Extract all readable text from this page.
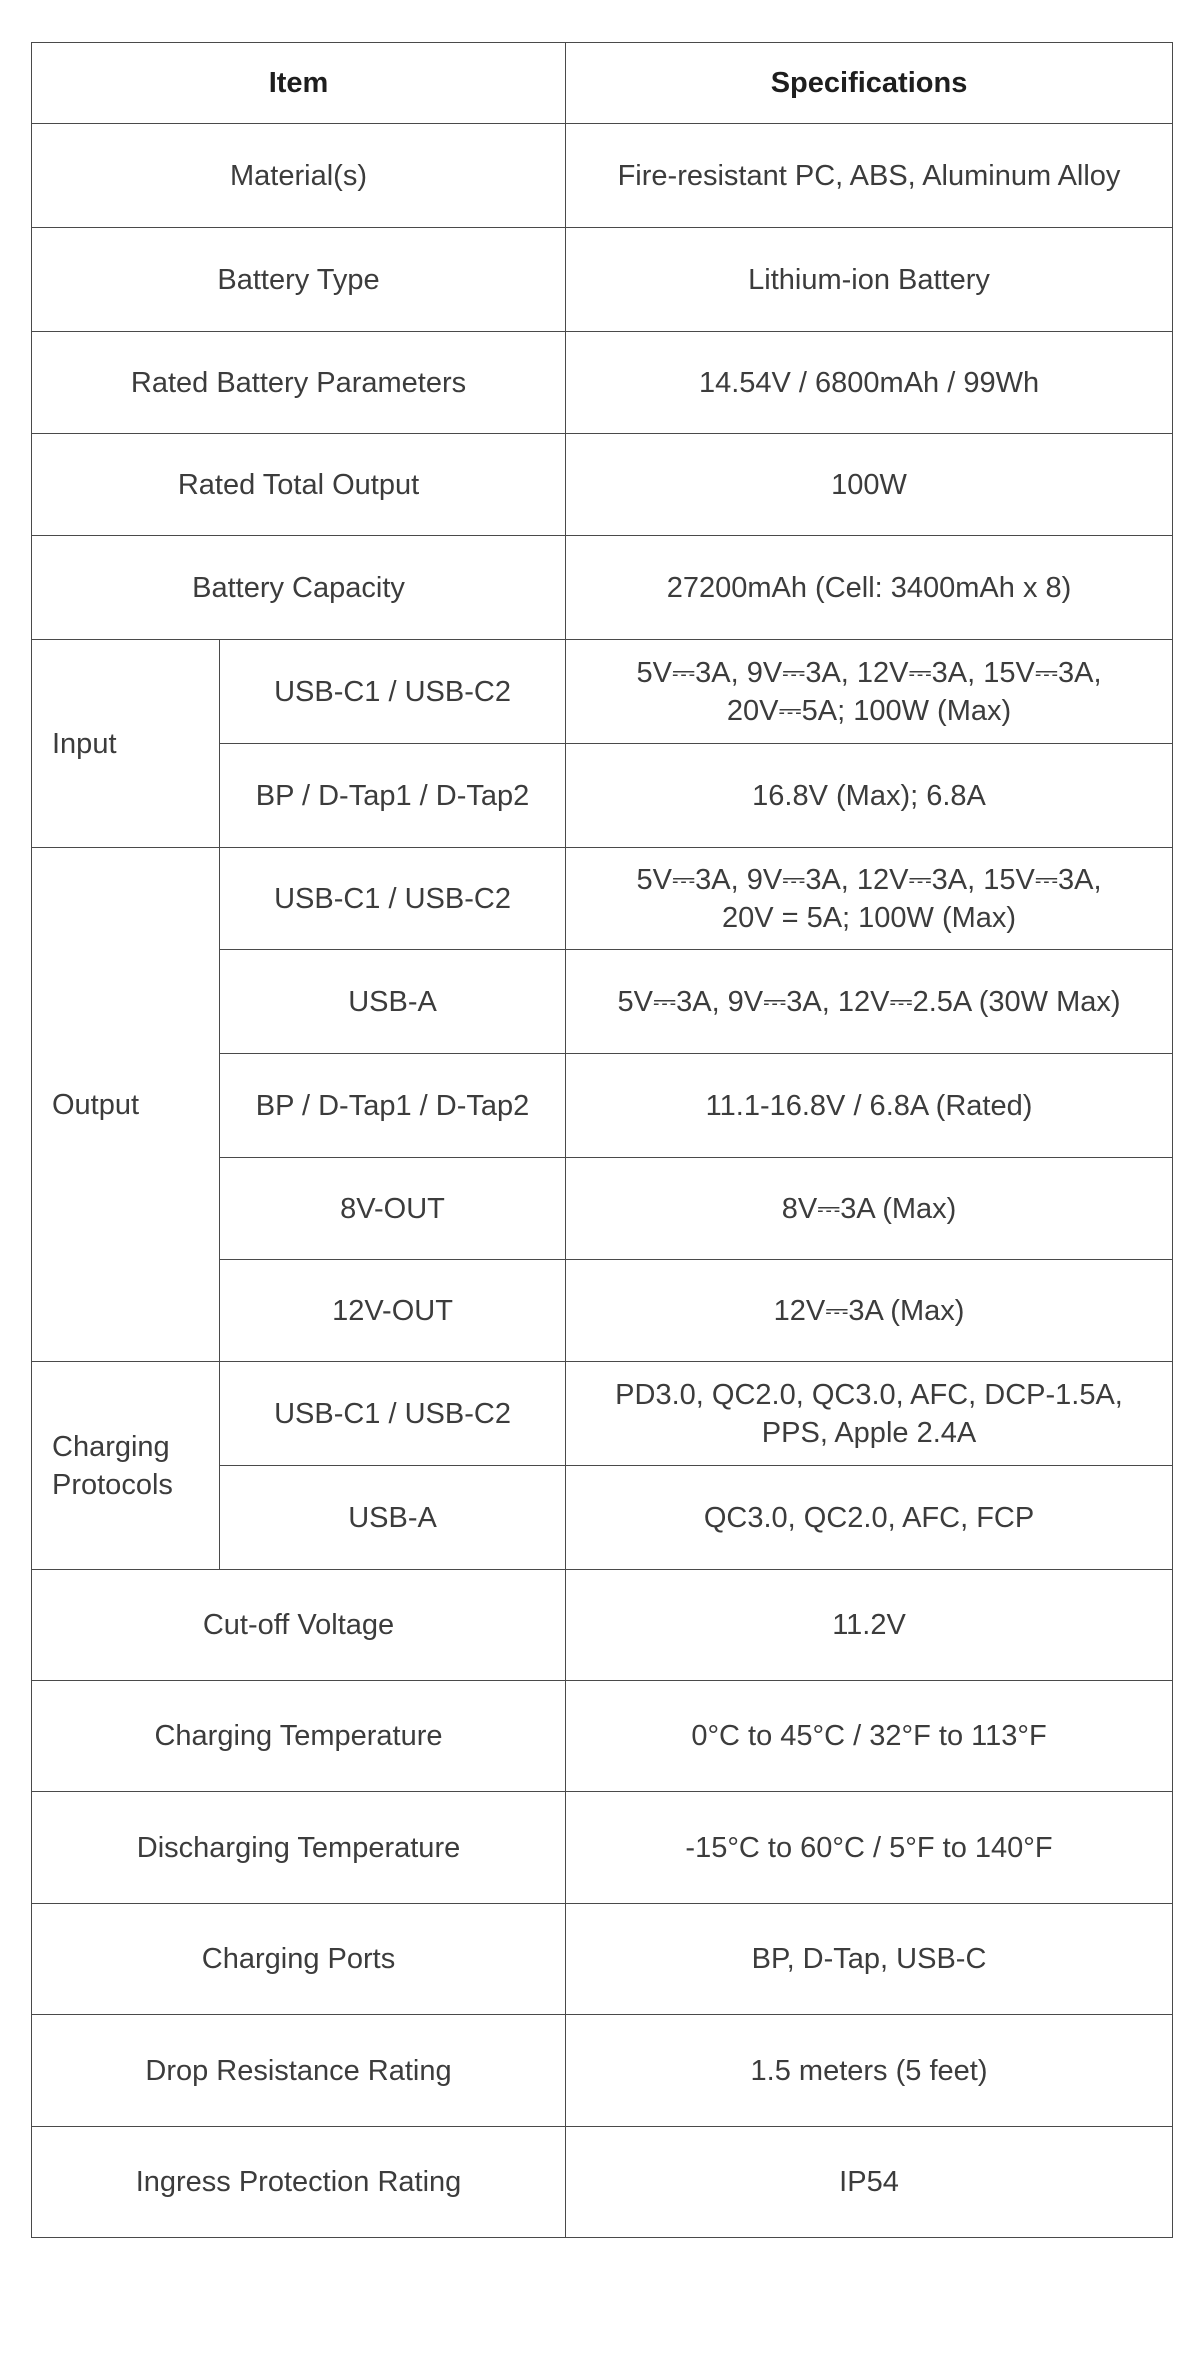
Item		Specifications
Material(s)		Fire-resistant PC, ABS, Aluminum Alloy
Battery Type		Lithium-ion Battery
Rated Battery Parameters		14.54V / 6800mAh / 99Wh
Rated Total Output		100W
Battery Capacity		27200mAh (Cell: 3400mAh x 8)
Input	USB-C1 / USB-C2	5V⎓3A, 9V⎓3A, 12V⎓3A, 15V⎓3A,
20V⎓5A; 100W (Max)
	BP / D-Tap1 / D-Tap2	16.8V (Max); 6.8A
Output	USB-C1 / USB-C2	5V⎓3A, 9V⎓3A, 12V⎓3A, 15V⎓3A,
20V = 5A; 100W (Max)
	USB-A	5V⎓3A, 9V⎓3A, 12V⎓2.5A (30W Max)
	BP / D-Tap1 / D-Tap2	11.1-16.8V / 6.8A (Rated)
	8V-OUT	8V⎓3A (Max)
	12V-OUT	12V⎓3A (Max)
Charging
Protocols	USB-C1 / USB-C2	PD3.0, QC2.0, QC3.0, AFC, DCP-1.5A,
PPS, Apple 2.4A
	USB-A	QC3.0, QC2.0, AFC, FCP
Cut-off Voltage		11.2V
Charging Temperature		0°C to 45°C / 32°F to 113°F
Discharging Temperature		-15°C to 60°C / 5°F to 140°F
Charging Ports		BP, D-Tap, USB-C
Drop Resistance Rating		1.5 meters (5 feet)
Ingress Protection Rating		IP54
